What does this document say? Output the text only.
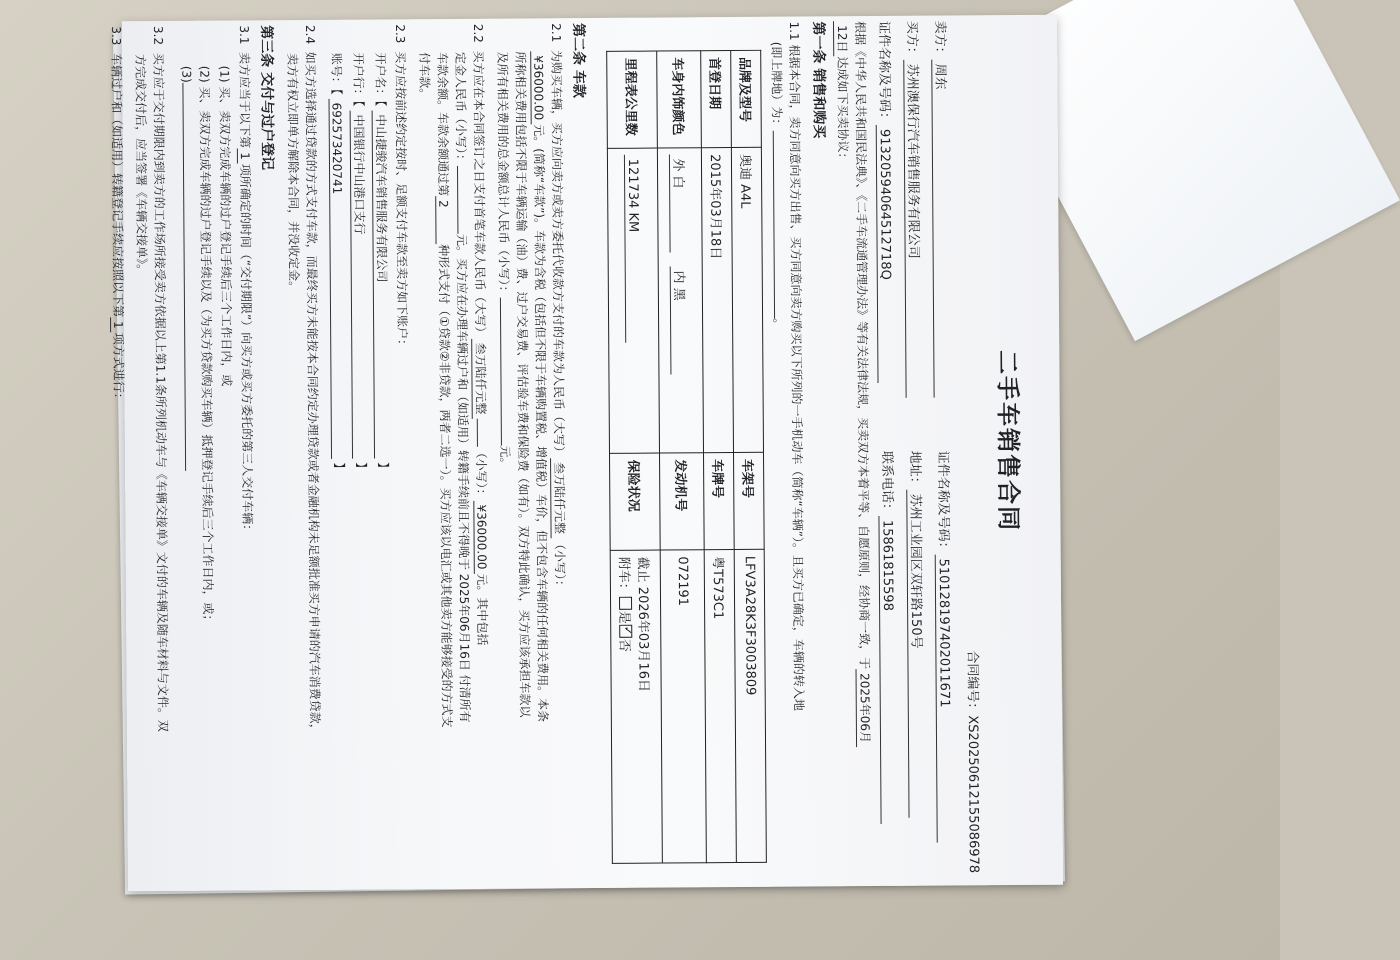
二手车销售合同
合同编号：XS20250612155086978
卖方：周东
证件名称及号码：510128197402011671
买方：苏州澳保行汽车销售服务有限公司
地址：苏州工业园区双轩路150号
证件名称及号码：91320594064512718Q
联系电话：15861815598
根据《中华人民共和国民法典》、《二手车流通管理办法》等有关法律法规，买卖双方本着平等、自愿原则，经协商一致，于2025年06月
12日达成如下买卖协议：
第一条 销售和购买
1.1 根据本合同，卖方同意向买方出售、买方同意向卖方购买以下所列的一手机动车（简称“车辆”）。且买方已确定，车辆的转入地
(即上牌地）为：。
品牌及型号	奥迪 A4L	车架号	LFV3A28K3F3003809
首登日期	2015年03月18日	车牌号	粤T573C1
车身内饰颜色	外 白 内 黑	发动机号	072191
里程表公里数	121734 KM	保险状况	截止 2026年03月16日
附车：是✓否
第二条 车款
2.1  为购买车辆，买方应向卖方或卖方委托代收款方支付的车款为人民币（大写）叁万陆仟元整（小写）：
¥36000.00元。(简称“车款”)。车款为含税（包括但不限于车辆购置税、增值税）车价，但不包含车辆的任何相关费用。本条
所称相关费用包括不限于车辆运输（油）费、过户交易费、评估验车费和保险费（如有）。双方特此确认，买方应该承担车款以
及所有相关费用的总金额总计人民币（小写）：元。
2.2  买方应在本合同签订之日支付首笔车款人民币（大写）叁万陆仟元整（小写）：¥36000.00元。其中包括
定金人民币（小写）：元。买方应在办理车辆过户和（如适用）转籍手续前且不得晚于 2025年06月16日 付清所有
车款余额。车款余额通过第2种形式支付（①贷款②非贷款，两者二选一）。买方应该以电汇或其他卖方能够接受的方式支
付车款。
2.3  买方应按前述约定按时、足额支付车款至卖方如下账户：
开户名：【 中山捷骏汽车销售服务有限公司 】
开户行：【 中国银行中山港口支行 】
账号：【 692573420741 】
2.4  如买方选择通过贷款的方式支付车款，而最终买方未能按本合同约定办理贷款或者金融机构未足额批准买方申请的汽车消费贷款，
卖方有权立即单方解除本合同，并没收定金。
第三条 交付与过户登记
3.1  卖方应当于以下第1项所确定的时间（“交付期限”）向买方或买方委托的第三人交付车辆：
(1) 买、卖双方完成车辆的过户登记手续后三个工作日内，或
(2) 买、卖双方完成车辆的过户登记手续以及（为买方贷款购买车辆）抵押登记手续后三个工作日内，或；
(3)
3.2  买方应于交付期限内到卖方的工作场所接受卖方依据以上第1.1条所列机动车与《车辆交接单》文付的车辆及随车材料与文件。双
方完成交付后，应当签署《车辆交接单》。
3.3  车辆过户和（如适用）转籍登记手续应按照以下第1项方式进行：
